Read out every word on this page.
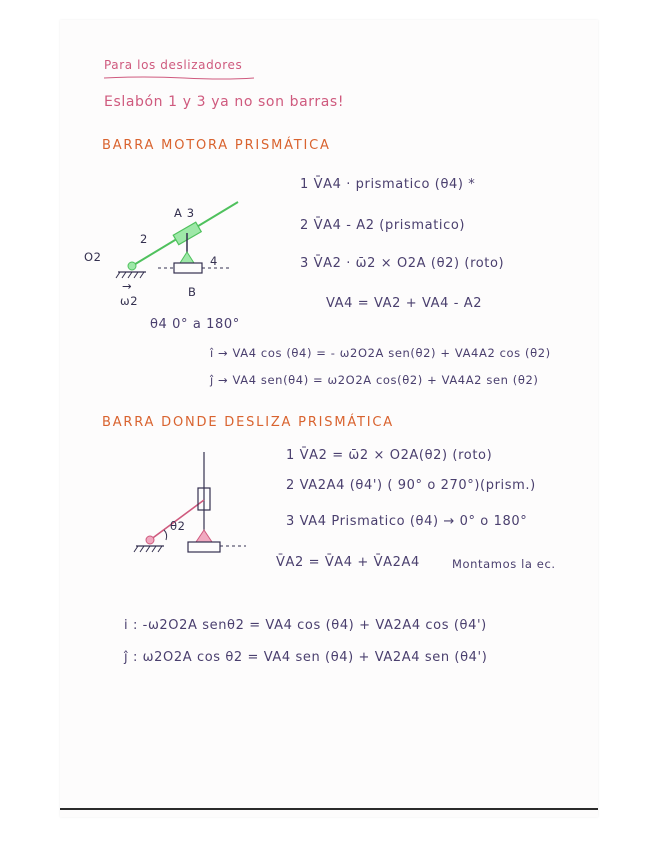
Para los deslizadores
Eslabón 1 y 3 ya no son barras!
BARRA MOTORA PRISMÁTICA
1 V̄A4 · prismatico (θ4) *
2 V̄A4 - A2 (prismatico)
3 V̄A2 · ω̄2 × O2A (θ2) (roto)
VA4 = VA2 + VA4 - A2
A 3
2
O2	4
B
→
ω2
θ4 0° a 180°
î → VA4 cos (θ4) = - ω2O2A sen(θ2) + VA4A2 cos (θ2)
ĵ → VA4 sen(θ4) = ω2O2A cos(θ2) + VA4A2 sen (θ2)
BARRA DONDE DESLIZA PRISMÁTICA
1 V̄A2 = ω̄2 × O2A(θ2) (roto)
2 VA2A4 (θ4') ( 90° o 270°)(prism.)
3 VA4 Prismatico (θ4) → 0° o 180°
V̄A2 = V̄A4 + V̄A2A4	Montamos la ec.
θ2
i : -ω2O2A senθ2 = VA4 cos (θ4) + VA2A4 cos (θ4')
ĵ : ω2O2A cos θ2 = VA4 sen (θ4) + VA2A4 sen (θ4')
